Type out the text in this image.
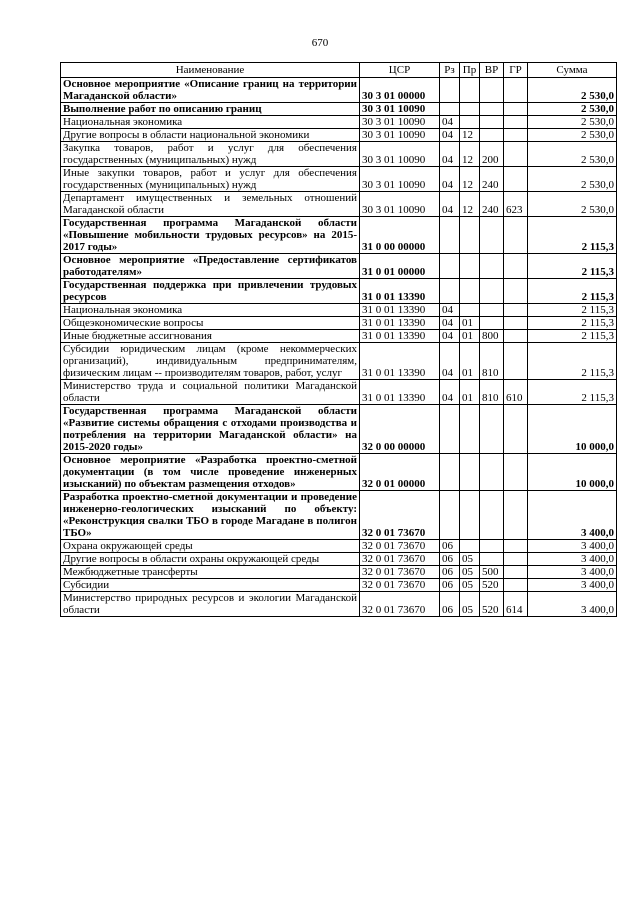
670
Наименование	ЦСР	Рз	Пр	ВР	ГР	Сумма
Основное мероприятие «Описание границ на территории Магаданской области»	30 3 01 00000					2 530,0
Выполнение работ по описанию границ	30 3 01 10090					2 530,0
Национальная экономика	30 3 01 10090	04				2 530,0
Другие вопросы в области национальной экономики	30 3 01 10090	04	12			2 530,0
Закупка товаров, работ и услуг для обеспечения государственных (муниципальных) нужд	30 3 01 10090	04	12	200		2 530,0
Иные закупки товаров, работ и услуг для обеспечения государственных (муниципальных) нужд	30 3 01 10090	04	12	240		2 530,0
Департамент имущественных и земельных отношений Магаданской области	30 3 01 10090	04	12	240	623	2 530,0
Государственная программа Магаданской области «Повышение мобильности трудовых ресурсов» на 2015-2017 годы»	31 0 00 00000					2 115,3
Основное мероприятие «Предоставление сертификатов работодателям»	31 0 01 00000					2 115,3
Государственная поддержка при привлечении трудовых ресурсов	31 0 01 13390					2 115,3
Национальная экономика	31 0 01 13390	04				2 115,3
Общеэкономические вопросы	31 0 01 13390	04	01			2 115,3
Иные бюджетные ассигнования	31 0 01 13390	04	01	800		2 115,3
Субсидии юридическим лицам (кроме некоммерческих организаций), индивидуальным предпринимателям, физическим лицам -- производителям товаров, работ, услуг	31 0 01 13390	04	01	810		2 115,3
Министерство труда и социальной политики Магаданской области	31 0 01 13390	04	01	810	610	2 115,3
Государственная программа Магаданской области «Развитие системы обращения с отходами производства и потребления на территории Магаданской области» на 2015-2020 годы»	32 0 00 00000					10 000,0
Основное мероприятие «Разработка проектно-сметной документации (в том числе проведение инженерных изысканий) по объектам размещения отходов»	32 0 01 00000					10 000,0
Разработка проектно-сметной документации и проведение инженерно-геологических изысканий по объекту: «Реконструкция свалки ТБО в городе Магадане в полигон ТБО»	32 0 01 73670					3 400,0
Охрана окружающей среды	32 0 01 73670	06				3 400,0
Другие вопросы в области охраны окружающей среды	32 0 01 73670	06	05			3 400,0
Межбюджетные трансферты	32 0 01 73670	06	05	500		3 400,0
Субсидии	32 0 01 73670	06	05	520		3 400,0
Министерство природных ресурсов и экологии Магаданской области	32 0 01 73670	06	05	520	614	3 400,0
